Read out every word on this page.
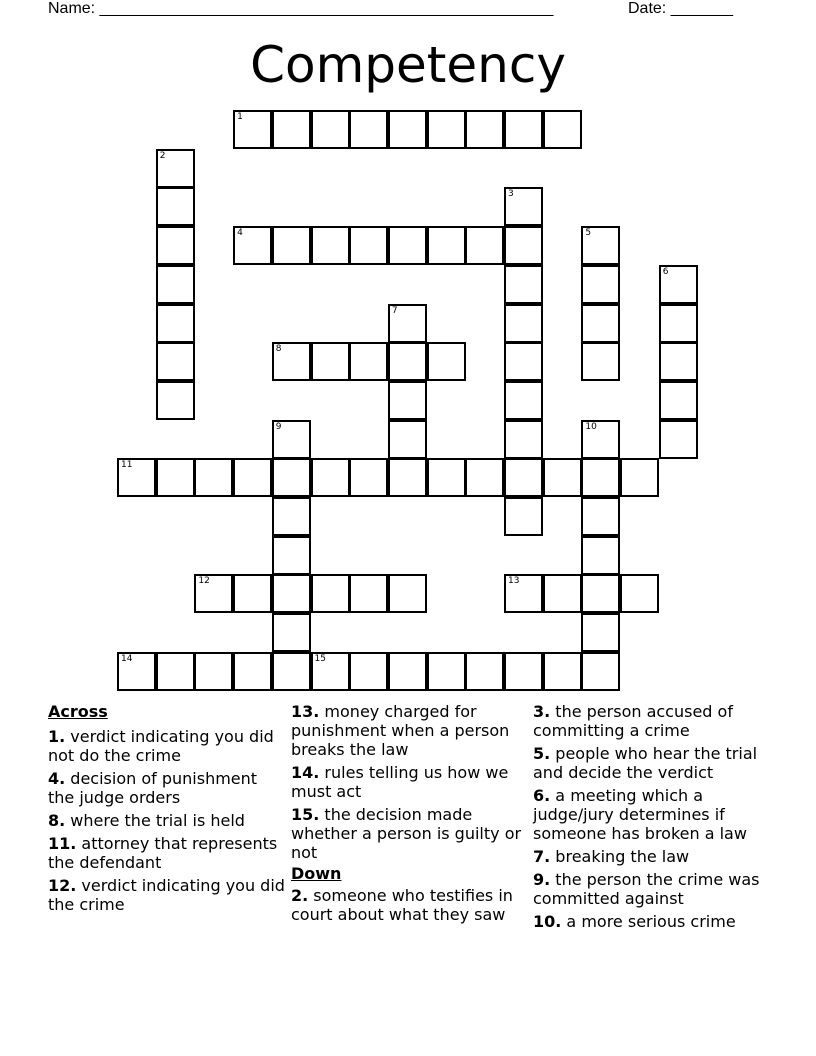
Name: ___________________________________________________	Date: _______
Competency
1
2
3
4	5
6
7
8
9	10
11
12	13
14	15
Across
1. verdict indicating you did not do the crime
4. decision of punishment the judge orders
8. where the trial is held
11. attorney that represents the defendant
12. verdict indicating you did the crime
13. money charged for punishment when a person breaks the law
14. rules telling us how we must act
15. the decision made whether a person is guilty or not
Down
2. someone who testifies in court about what they saw
3. the person accused of committing a crime
5. people who hear the trial and decide the verdict
6. a meeting which a judge/jury determines if someone has broken a law
7. breaking the law
9. the person the crime was committed against
10. a more serious crime
